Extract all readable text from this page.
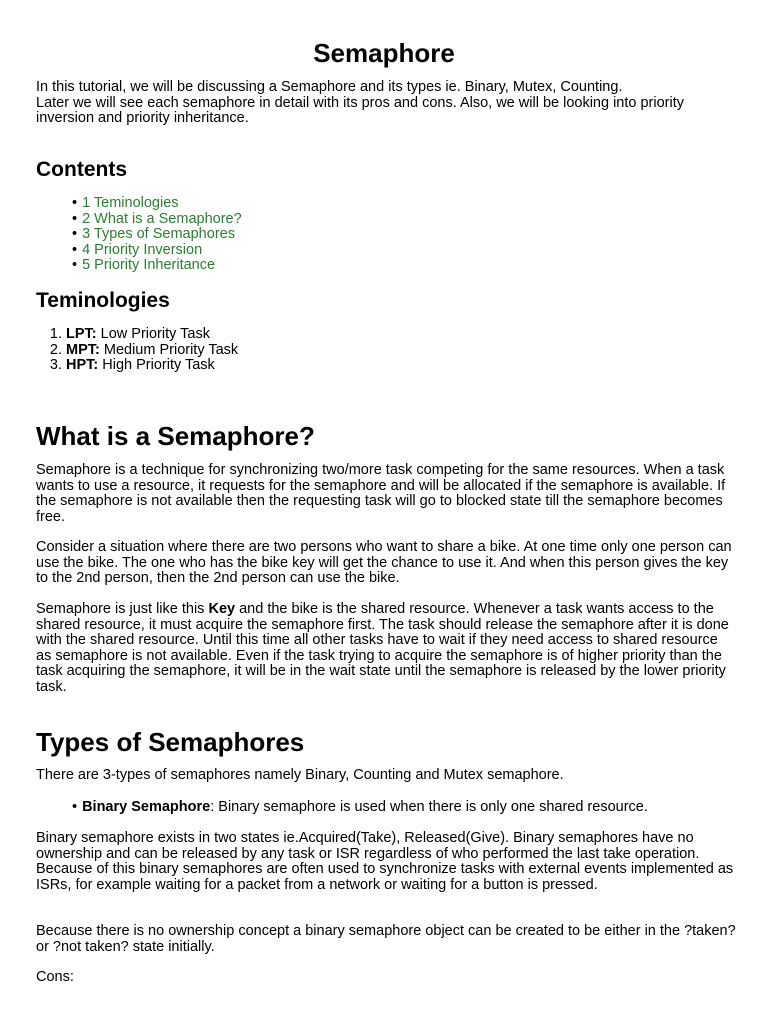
Semaphore

In this tutorial, we will be discussing a Semaphore and its types ie. Binary, Mutex, Counting.

Later we will see each semaphore in detail with its pros and cons. Also, we will be looking into priority inversion and priority inheritance.

Contents
• 1 Teminologies
• 2 What is a Semaphore?
• 3 Types of Semaphores
• 4 Priority Inversion
• 5 Priority Inheritance
Teminologies
1. LPT: Low Priority Task
2. MPT: Medium Priority Task
3. HPT: High Priority Task
What is a Semaphore?

Semaphore is a technique for synchronizing two/more task competing for the same resources. When a task wants to use a resource, it requests for the semaphore and will be allocated if the semaphore is available. If the semaphore is not available then the requesting task will go to blocked state till the semaphore becomes free.

Consider a situation where there are two persons who want to share a bike. At one time only one person can use the bike. The one who has the bike key will get the chance to use it. And when this person gives the key to the 2nd person, then the 2nd person can use the bike.

Semaphore is just like this Key and the bike is the shared resource. Whenever a task wants access to the shared resource, it must acquire the semaphore first. The task should release the semaphore after it is done with the shared resource. Until this time all other tasks have to wait if they need access to shared resource as semaphore is not available. Even if the task trying to acquire the semaphore is of higher priority than the task acquiring the semaphore, it will be in the wait state until the semaphore is released by the lower priority task.

Types of Semaphores

There are 3-types of semaphores namely Binary, Counting and Mutex semaphore.

• Binary Semaphore: Binary semaphore is used when there is only one shared resource.

Binary semaphore exists in two states ie.Acquired(Take), Released(Give). Binary semaphores have no ownership and can be released by any task or ISR regardless of who performed the last take operation. Because of this binary semaphores are often used to synchronize tasks with external events implemented as ISRs, for example waiting for a packet from a network or waiting for a button is pressed.

Because there is no ownership concept a binary semaphore object can be created to be either in the ?taken? or ?not taken? state initially.

Cons:
